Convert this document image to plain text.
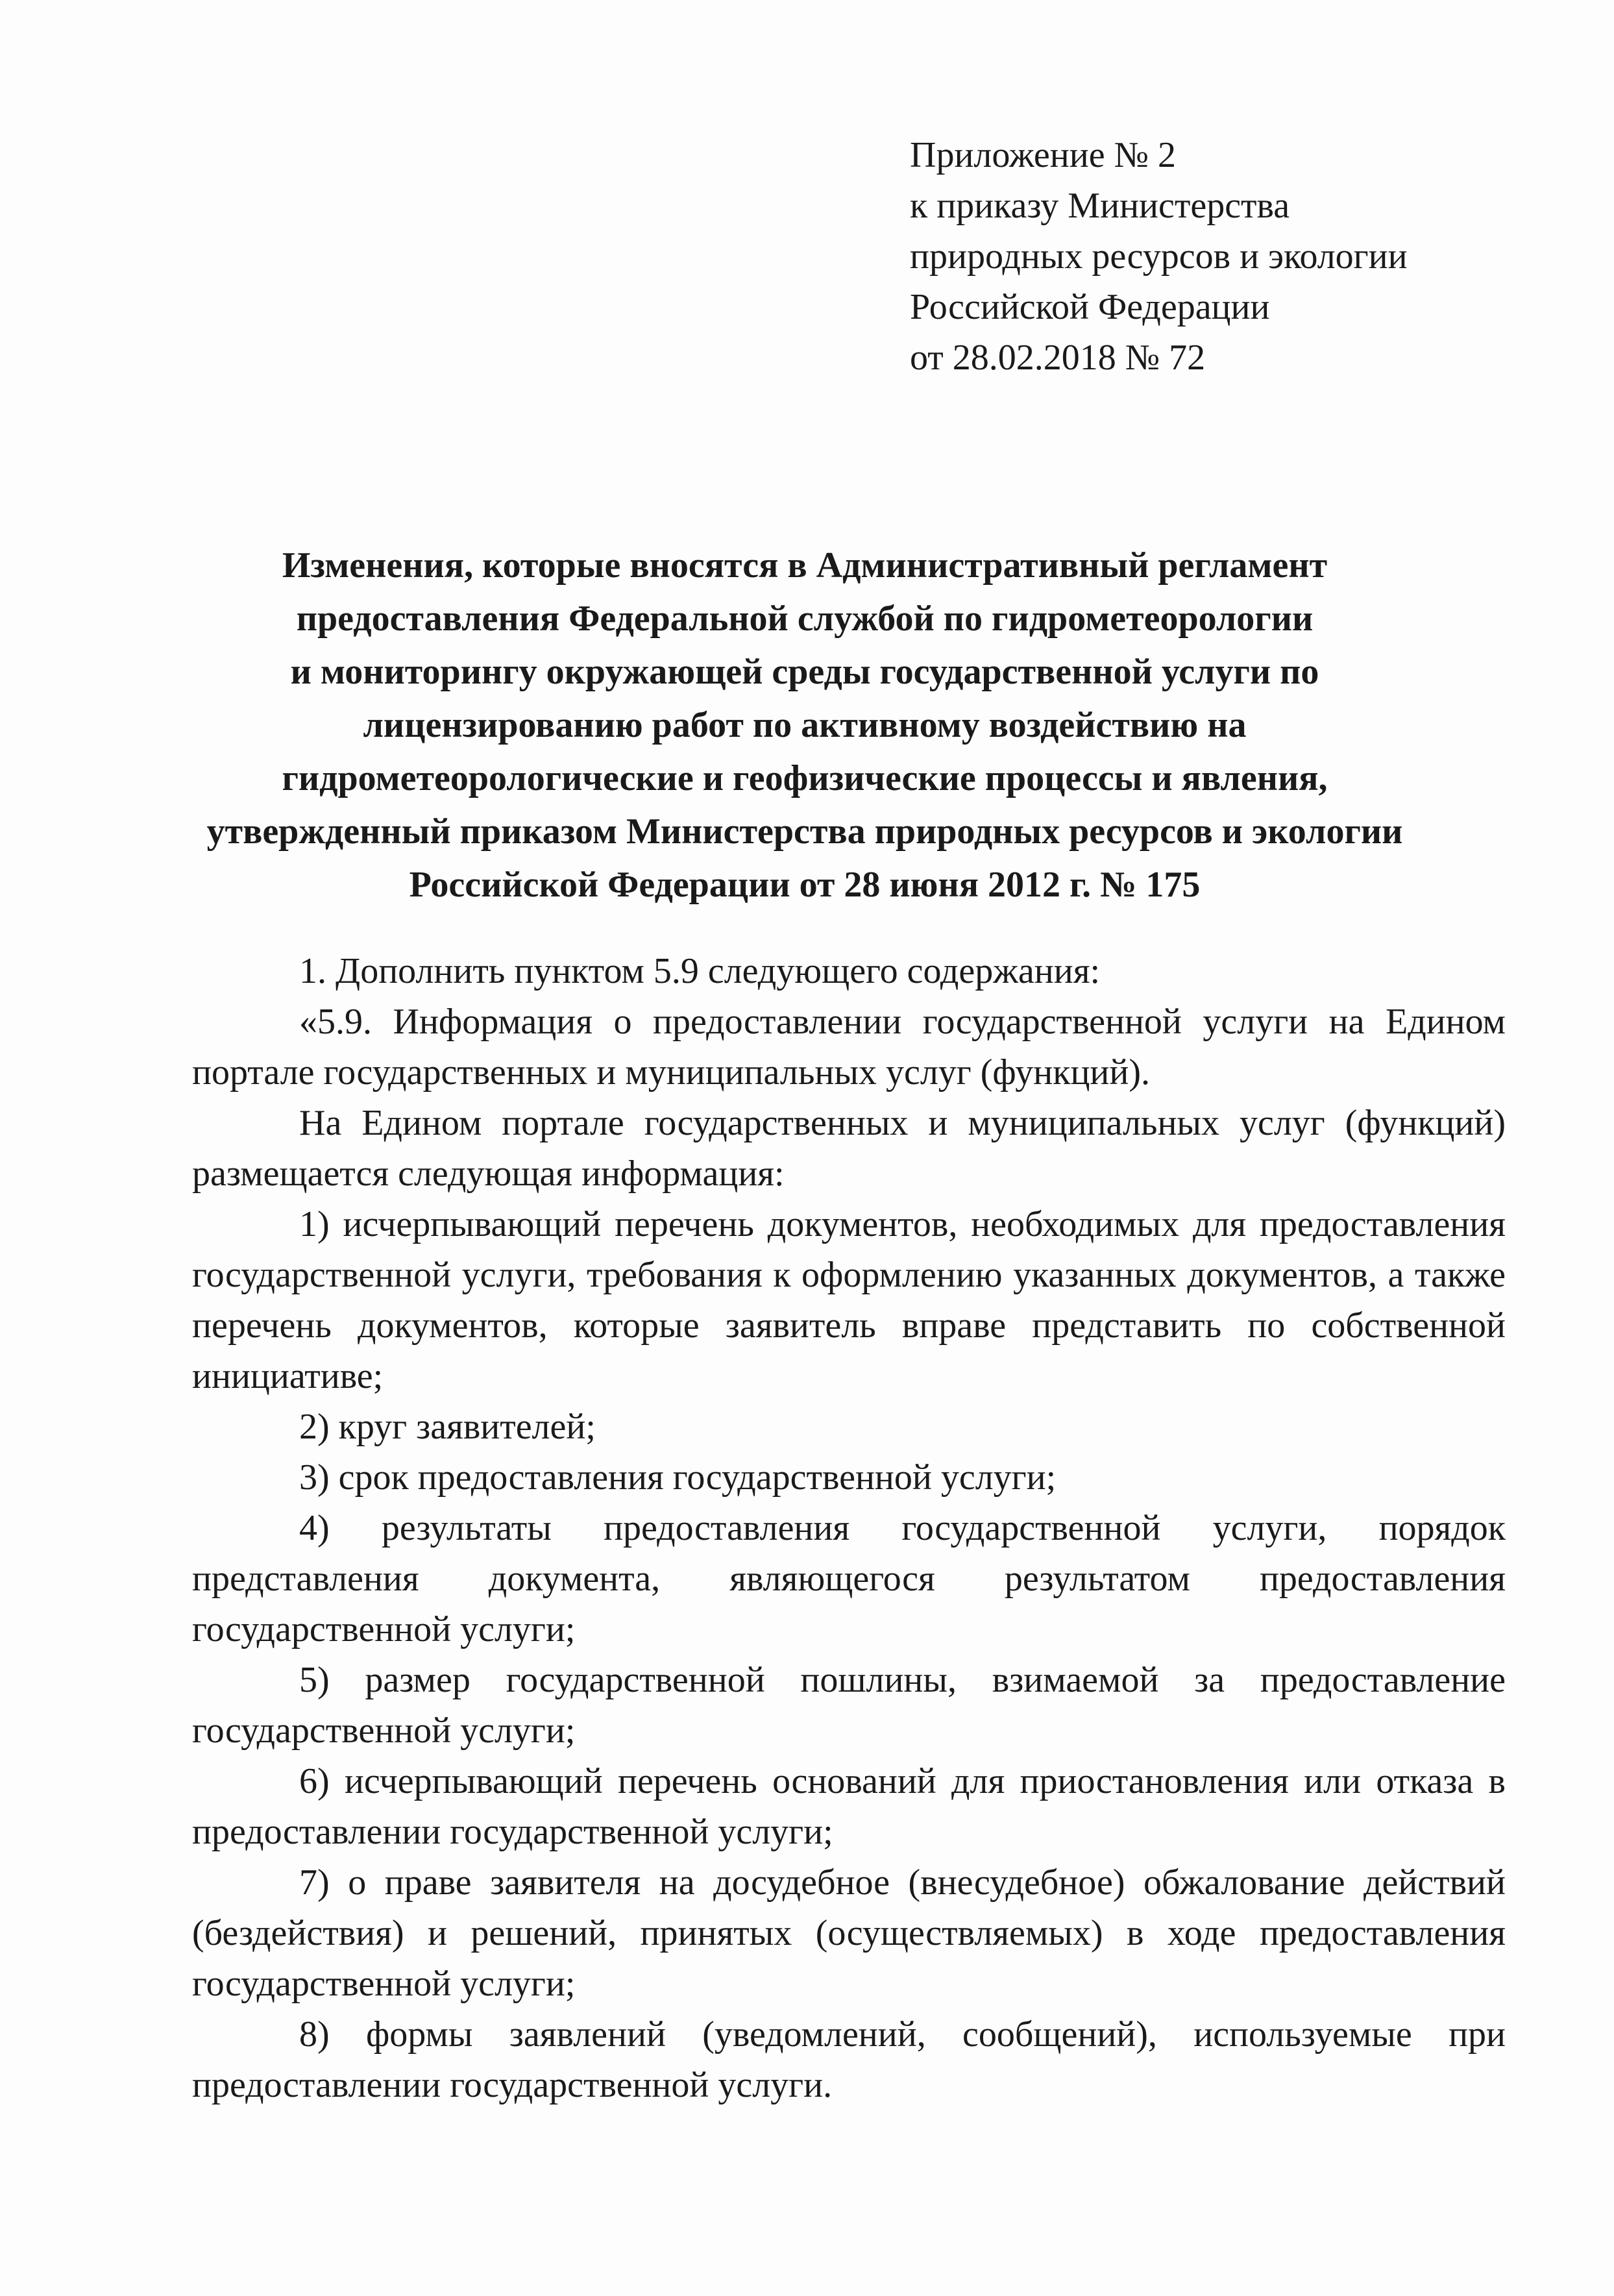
Приложение № 2
к приказу Министерства
природных ресурсов и экологии
Российской Федерации
от 28.02.2018 № 72
Изменения, которые вносятся в Административный регламент
предоставления Федеральной службой по гидрометеорологии
и мониторингу окружающей среды государственной услуги по
лицензированию работ по активному воздействию на
гидрометеорологические и геофизические процессы и явления,
утвержденный приказом Министерства природных ресурсов и экологии
Российской Федерации от 28 июня 2012 г. № 175
1. Дополнить пунктом 5.9 следующего содержания:
«5.9. Информация о предоставлении государственной услуги на Едином портале государственных и муниципальных услуг (функций).
На Едином портале государственных и муниципальных услуг (функций) размещается следующая информация:
1) исчерпывающий перечень документов, необходимых для предоставления государственной услуги, требования к оформлению указанных документов, а также перечень документов, которые заявитель вправе представить по собственной инициативе;
2) круг заявителей;
3) срок предоставления государственной услуги;
4) результаты предоставления государственной услуги, порядок представления документа, являющегося результатом предоставления государственной услуги;
5) размер государственной пошлины, взимаемой за предоставление государственной услуги;
6) исчерпывающий перечень оснований для приостановления или отказа в предоставлении государственной услуги;
7) о праве заявителя на досудебное (внесудебное) обжалование действий (бездействия) и решений, принятых (осуществляемых) в ходе предоставления государственной услуги;
8) формы заявлений (уведомлений, сообщений), используемые при предоставлении государственной услуги.
